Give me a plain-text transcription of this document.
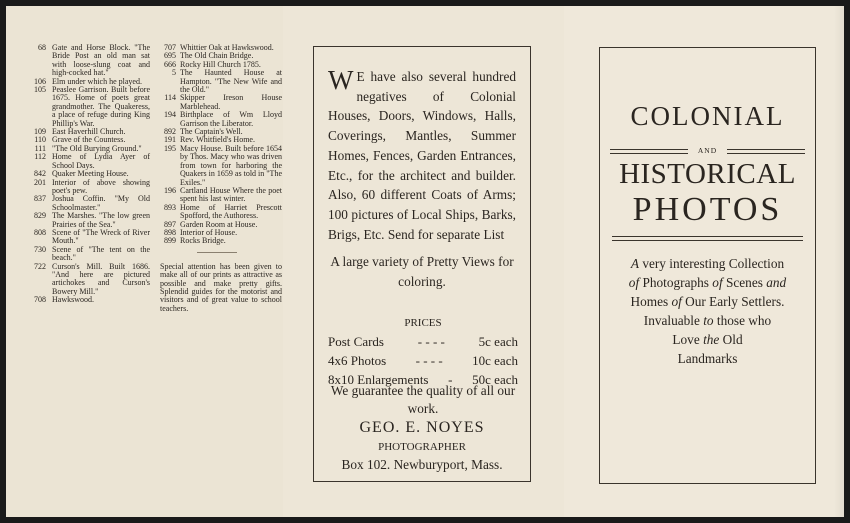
68 Gate and Horse Block. "The Bride Post an old man sat with loose-slung coat and high-cocked hat."
106 Elm under which he played.
105 Peaslee Garrison. Built before 1675. Home of poets great grandmother. The Quakeress, a place of refuge during King Phillip's War.
109 East Haverhill Church.
110 Grave of the Countess.
111 "The Old Burying Ground."
112 Home of Lydia Ayer of School Days.
842 Quaker Meeting House.
201 Interior of above showing poet's pew.
837 Joshua Coffin. "My Old Schoolmaster."
829 The Marshes. "The low green Prairies of the Sea."
808 Scene of "The Wreck of River Mouth."
730 Scene of "The tent on the beach."
722 Curson's Mill. Built 1686. "And here are pictured artichokes and Curson's Bowery Mill."
708 Hawkswood.
707 Whittier Oak at Hawkswood.
695 The Old Chain Bridge.
666 Rocky Hill Church 1785.
5 The Haunted House at Hampton. "The New Wife and the Old."
114 Skipper Ireson House Marblehead.
194 Birthplace of Wm Lloyd Garrison the Liberator.
892 The Captain's Well.
191 Rev. Whitfield's Home.
195 Macy House. Built before 1654 by Thos. Macy who was driven from town for harboring the Quakers in 1659 as told in "The Exiles."
196 Cartland House Where the poet spent his last winter.
893 Home of Harriet Prescott Spofford, the Authoress.
897 Garden Room at House.
898 Interior of House.
899 Rocks Bridge.
Special attention has been given to make all of our prints as attractive as possible and make pretty gifts. Splendid guides for the motorist and visitors and of great value to school teachers.
W E have also several hundred negatives of Colonial Houses, Doors, Windows, Halls, Coverings, Mantles, Summer Homes, Fences, Garden Entrances, Etc., for the architect and builder. Also, 60 different Coats of Arms; 100 pictures of Local Ships, Barks, Brigs, Etc. Send for separate List
A large variety of Pretty Views for coloring.
PRICES
Post Cards	- - - -	5c each
4x6 Photos - - - - 10c each
8x10 Enlargements - 50c each
We guarantee the quality of all our work.
GEO. E. NOYES
PHOTOGRAPHER
Box 102. Newburyport, Mass.
COLONIAL
AND
HISTORICAL
PHOTOS
A very interesting Collection
of Photographs of Scenes and
Homes of Our Early Settlers.
Invaluable to those who
Love the Old
Landmarks
